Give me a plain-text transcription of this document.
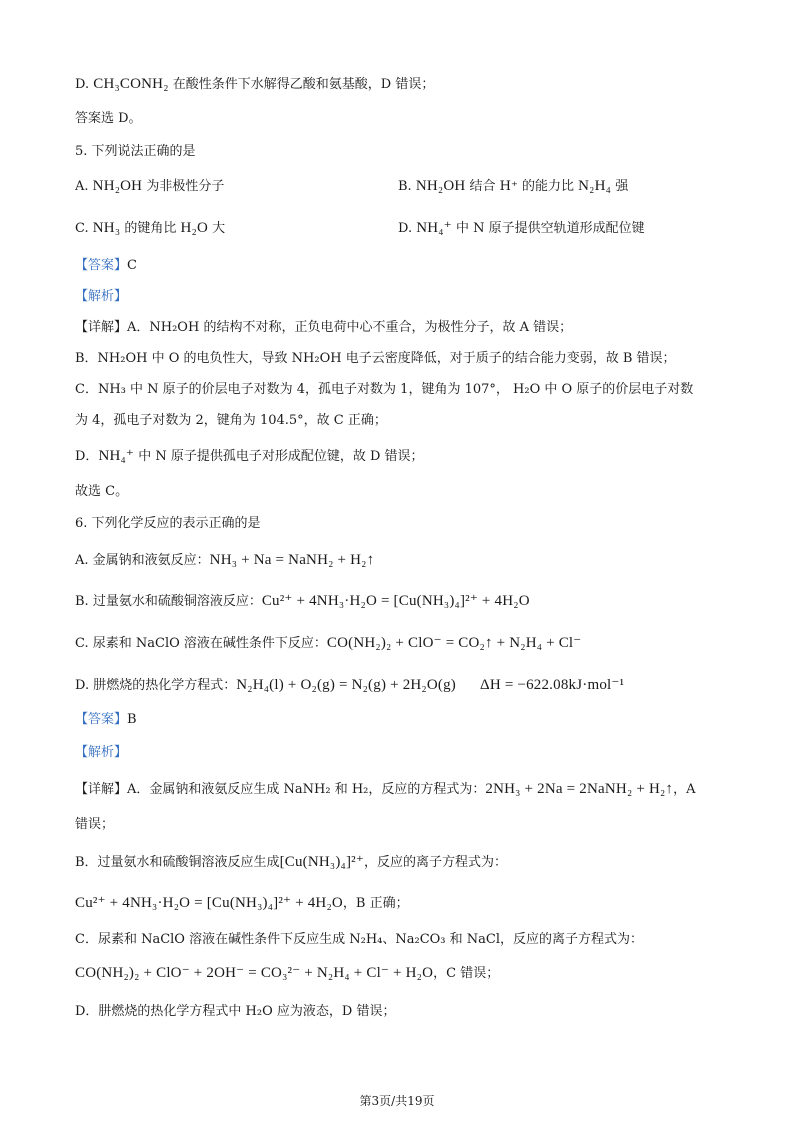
D. CH₃CONH₂ 在酸性条件下水解得乙酸和氨基酸，D 错误；
答案选 D。
5. 下列说法正确的是
A. NH₂OH 为非极性分子	B. NH₂OH 结合 H⁺ 的能力比 N₂H₄ 强
C. NH₃ 的键角比 H₂O 大	D. NH₄⁺ 中 N 原子提供空轨道形成配位键
【答案】C
【解析】
【详解】A．NH₂OH 的结构不对称，正负电荷中心不重合，为极性分子，故 A 错误；
B．NH₂OH 中 O 的电负性大，导致 NH₂OH 电子云密度降低，对于质子的结合能力变弱，故 B 错误；
C．NH₃ 中 N 原子的价层电子对数为 4，孤电子对数为 1，键角为 107°， H₂O 中 O 原子的价层电子对数
为 4，孤电子对数为 2，键角为 104.5°，故 C 正确；
D．NH₄⁺ 中 N 原子提供孤电子对形成配位键，故 D 错误；
故选 C。
6. 下列化学反应的表示正确的是
A. 金属钠和液氨反应：NH₃ + Na = NaNH₂ + H₂↑
B. 过量氨水和硫酸铜溶液反应：Cu²⁺ + 4NH₃·H₂O = [Cu(NH₃)₄]²⁺ + 4H₂O
C. 尿素和 NaClO 溶液在碱性条件下反应：CO(NH₂)₂ + ClO⁻ = CO₂↑ + N₂H₄ + Cl⁻
D. 肼燃烧的热化学方程式：N₂H₄(l) + O₂(g) = N₂(g) + 2H₂O(g) ΔH = −622.08kJ·mol⁻¹
【答案】B
【解析】
【详解】A．金属钠和液氨反应生成 NaNH₂ 和 H₂，反应的方程式为：2NH₃ + 2Na = 2NaNH₂ + H₂↑，A
错误；
B．过量氨水和硫酸铜溶液反应生成[Cu(NH₃)₄]²⁺，反应的离子方程式为：
Cu²⁺ + 4NH₃·H₂O = [Cu(NH₃)₄]²⁺ + 4H₂O，B 正确；
C．尿素和 NaClO 溶液在碱性条件下反应生成 N₂H₄、Na₂CO₃ 和 NaCl，反应的离子方程式为：
CO(NH₂)₂ + ClO⁻ + 2OH⁻ = CO₃²⁻ + N₂H₄ + Cl⁻ + H₂O，C 错误；
D．肼燃烧的热化学方程式中 H₂O 应为液态，D 错误；
第3页/共19页
